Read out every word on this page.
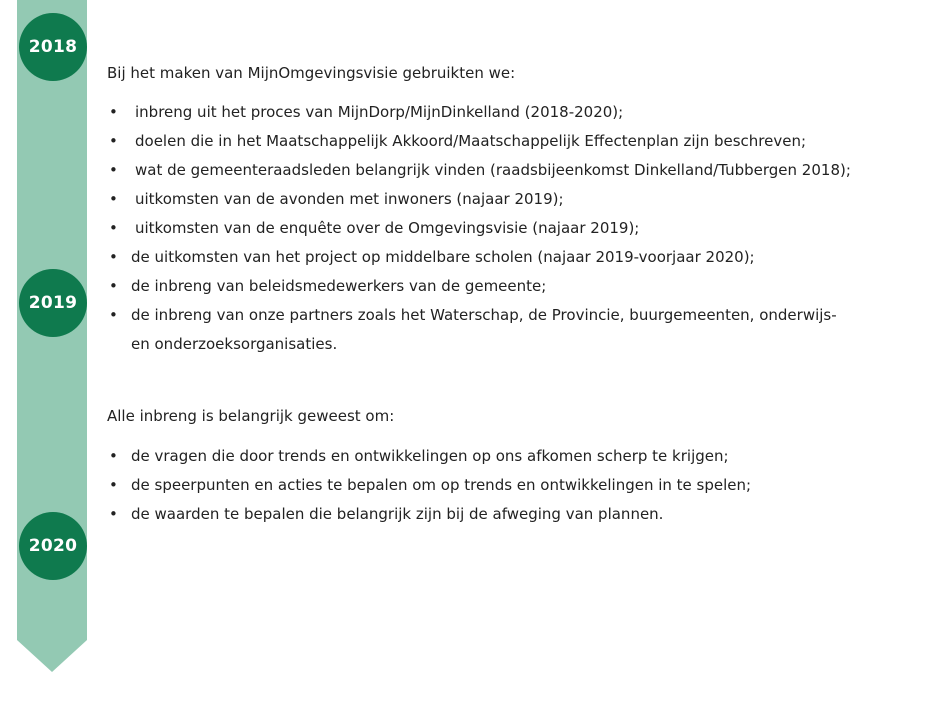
2018
2019
2020
Bij het maken van MijnOmgevingsvisie gebruikten we:
• inbreng uit het proces van MijnDorp/MijnDinkelland (2018-2020);
• doelen die in het Maatschappelijk Akkoord/Maatschappelijk Effectenplan zijn beschreven;
• wat de gemeenteraadsleden belangrijk vinden (raadsbijeenkomst Dinkelland/Tubbergen 2018);
• uitkomsten van de avonden met inwoners (najaar 2019);
• uitkomsten van de enquête over de Omgevingsvisie (najaar 2019);
• de uitkomsten van het project op middelbare scholen (najaar 2019-voorjaar 2020);
• de inbreng van beleidsmedewerkers van de gemeente;
• de inbreng van onze partners zoals het Waterschap, de Provincie, buurgemeenten, onderwijs- en onderzoeksorganisaties.
Alle inbreng is belangrijk geweest om:
• de vragen die door trends en ontwikkelingen op ons afkomen scherp te krijgen;
• de speerpunten en acties te bepalen om op trends en ontwikkelingen in te spelen;
• de waarden te bepalen die belangrijk zijn bij de afweging van plannen.
